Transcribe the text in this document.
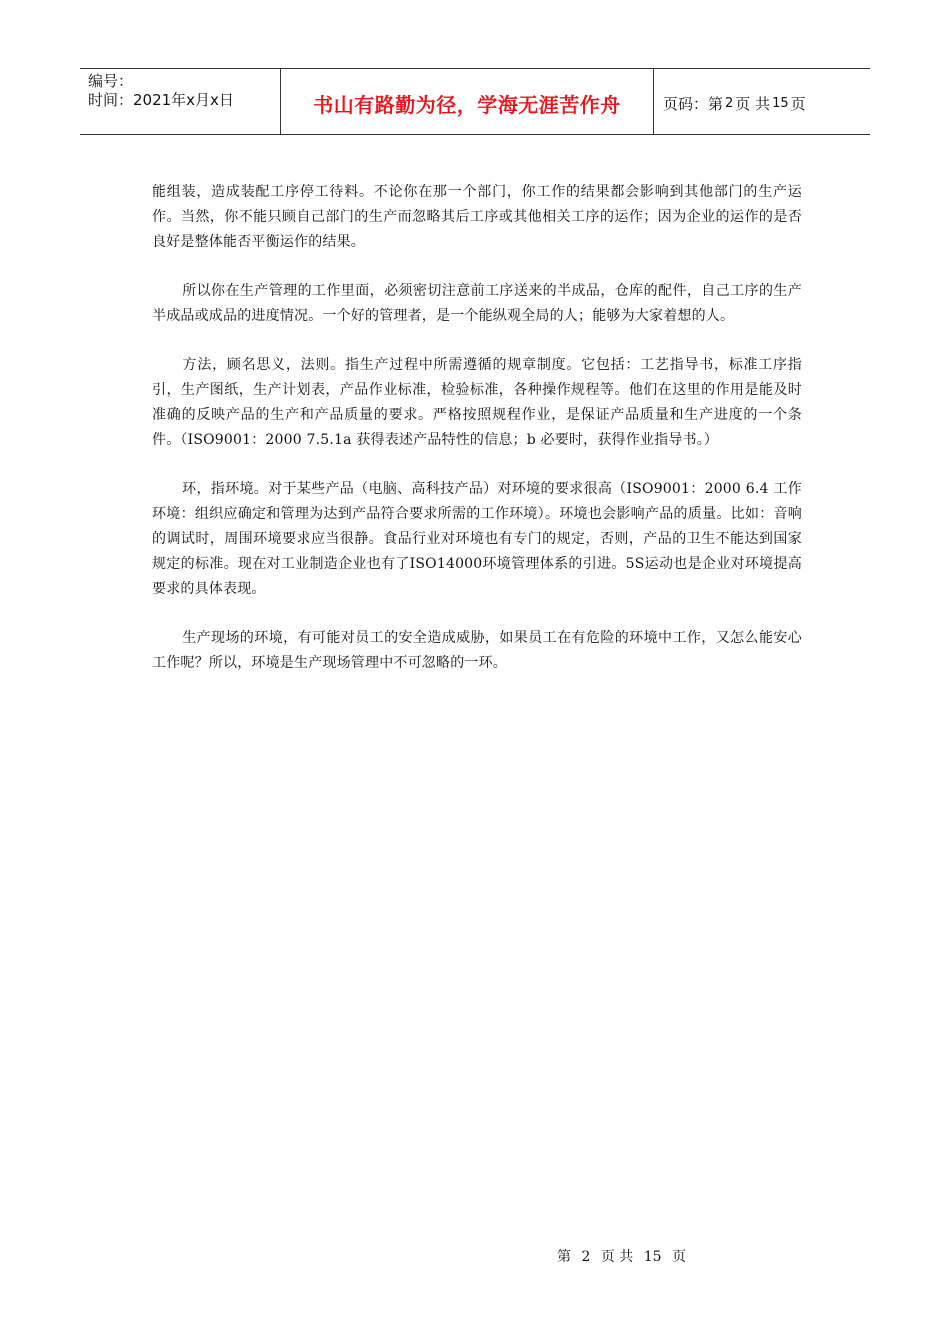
编号：
时间：2021年x月x日	书山有路勤为径，学海无涯苦作舟	页码：第 2 页 共 15 页

能组装，造成装配工序停工待料。不论你在那一个部门，你工作的结果都会影响到其他部门的生产运作。当然，你不能只顾自己部门的生产而忽略其后工序或其他相关工序的运作；因为企业的运作的是否良好是整体能否平衡运作的结果。

所以你在生产管理的工作里面，必须密切注意前工序送来的半成品，仓库的配件，自己工序的生产半成品或成品的进度情况。一个好的管理者，是一个能纵观全局的人；能够为大家着想的人。

方法，顾名思义，法则。指生产过程中所需遵循的规章制度。它包括：工艺指导书，标准工序指引，生产图纸，生产计划表，产品作业标准，检验标准，各种操作规程等。他们在这里的作用是能及时准确的反映产品的生产和产品质量的要求。严格按照规程作业，是保证产品质量和生产进度的一个条件。（ISO9001：2000 7.5.1a 获得表述产品特性的信息；b 必要时，获得作业指导书。）

环，指环境。对于某些产品（电脑、高科技产品）对环境的要求很高（ISO9001：2000 6.4 工作环境：组织应确定和管理为达到产品符合要求所需的工作环境）。环境也会影响产品的质量。比如：音响的调试时，周围环境要求应当很静。食品行业对环境也有专门的规定，否则，产品的卫生不能达到国家规定的标准。现在对工业制造企业也有了ISO14000环境管理体系的引进。5S运动也是企业对环境提高要求的具体表现。

生产现场的环境，有可能对员工的安全造成威胁，如果员工在有危险的环境中工作，又怎么能安心工作呢？所以，环境是生产现场管理中不可忽略的一环。

第 2 页 共 15 页
